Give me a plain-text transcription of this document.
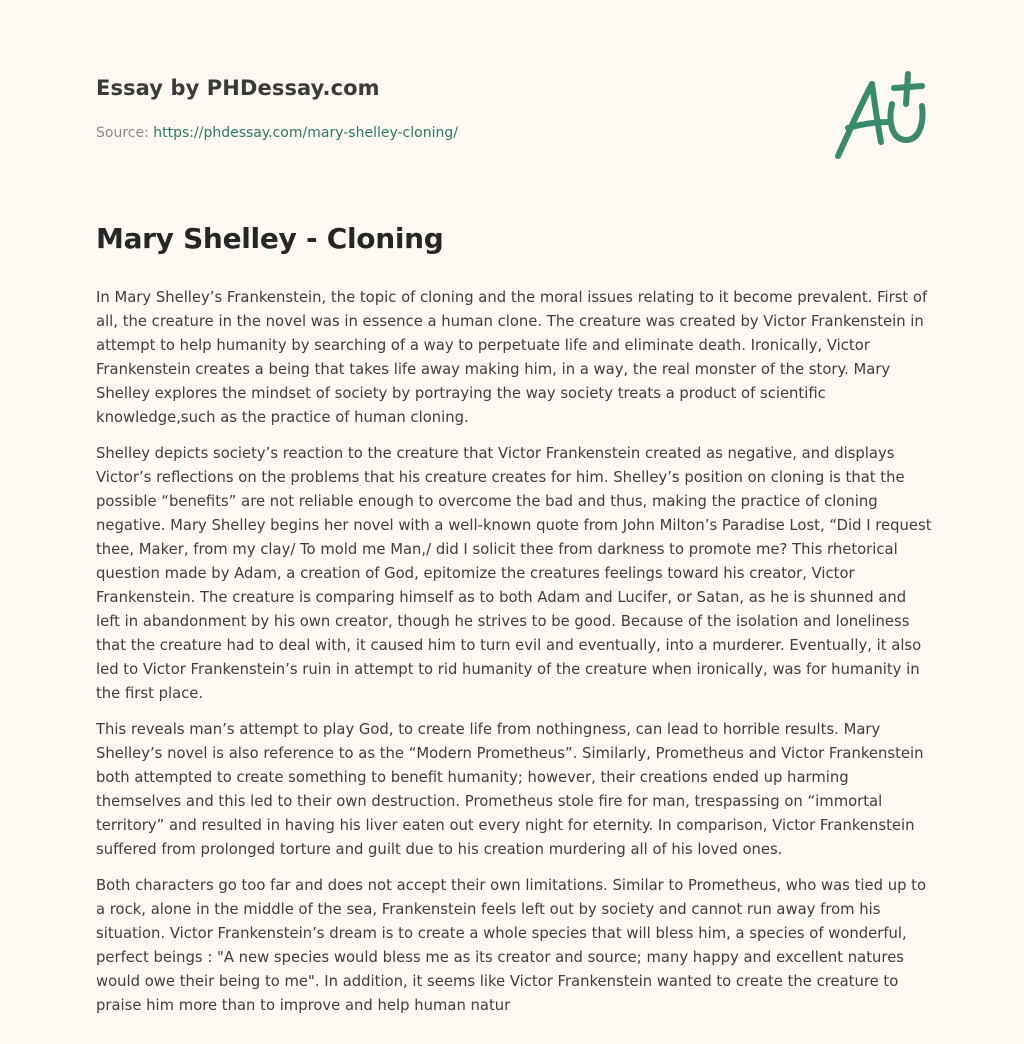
Essay by PHDessay.com
Source: https://phdessay.com/mary-shelley-cloning/
Mary Shelley - Cloning

In Mary Shelley’s Frankenstein, the topic of cloning and the moral issues relating to it become prevalent. First of all, the creature in the novel was in essence a human clone. The creature was created by Victor Frankenstein in attempt to help humanity by searching of a way to perpetuate life and eliminate death. Ironically, Victor Frankenstein creates a being that takes life away making him, in a way, the real monster of the story. Mary Shelley explores the mindset of society by portraying the way society treats a product of scientific knowledge,such as the practice of human cloning.

Shelley depicts society’s reaction to the creature that Victor Frankenstein created as negative, and displays Victor’s reflections on the problems that his creature creates for him. Shelley’s position on cloning is that the possible “benefits” are not reliable enough to overcome the bad and thus, making the practice of cloning negative. Mary Shelley begins her novel with a well-known quote from John Milton’s Paradise Lost, “Did I request thee, Maker, from my clay/ To mold me Man,/ did I solicit thee from darkness to promote me? This rhetorical question made by Adam, a creation of God, epitomize the creatures feelings toward his creator, Victor Frankenstein. The creature is comparing himself as to both Adam and Lucifer, or Satan, as he is shunned and left in abandonment by his own creator, though he strives to be good. Because of the isolation and loneliness that the creature had to deal with, it caused him to turn evil and eventually, into a murderer. Eventually, it also led to Victor Frankenstein’s ruin in attempt to rid humanity of the creature when ironically, was for humanity in the first place.

This reveals man’s attempt to play God, to create life from nothingness, can lead to horrible results. Mary Shelley’s novel is also reference to as the “Modern Prometheus”. Similarly, Prometheus and Victor Frankenstein both attempted to create something to benefit humanity; however, their creations ended up harming themselves and this led to their own destruction. Prometheus stole fire for man, trespassing on “immortal territory” and resulted in having his liver eaten out every night for eternity. In comparison, Victor Frankenstein suffered from prolonged torture and guilt due to his creation murdering all of his loved ones.

Both characters go too far and does not accept their own limitations. Similar to Prometheus, who was tied up to a rock, alone in the middle of the sea, Frankenstein feels left out by society and cannot run away from his situation. Victor Frankenstein’s dream is to create a whole species that will bless him, a species of wonderful, perfect beings : "A new species would bless me as its creator and source; many happy and excellent natures would owe their being to me". In addition, it seems like Victor Frankenstein wanted to create the creature to praise him more than to improve and help human natur
